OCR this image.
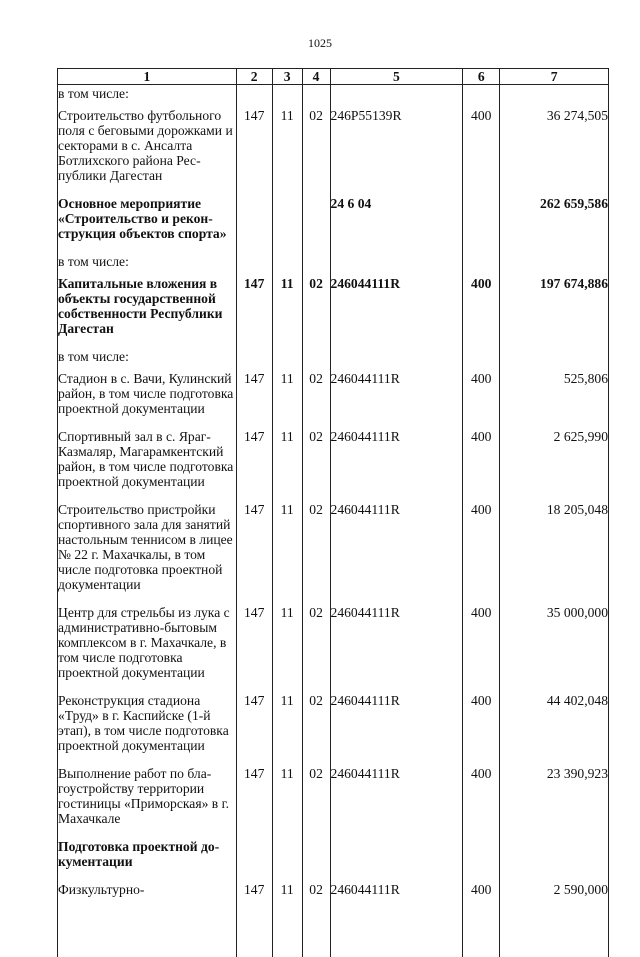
1025
1	2	3	4	5	6	7
в том числе:						
Строительство футбольного поля с беговыми дорожками и секторами в с. Ансалта Ботлихского района Республики Дагестан	147	11	02	246P55139R	400	36 274,505
Основное мероприятие «Строительство и реконструкция объектов спорта»				24 6 04		262 659,586
в том числе:						
Капитальные вложения в объекты государственной собственности Республики Дагестан	147	11	02	246044111R	400	197 674,886
в том числе:						
Стадион в с. Вачи, Кулинский район, в том числе подготовка проектной документации	147	11	02	246044111R	400	525,806
Спортивный зал в с. Яраг-Казмаляр, Магарамкентский район, в том числе подготовка проектной документации	147	11	02	246044111R	400	2 625,990
Строительство пристройки спортивного зала для занятий настольным теннисом в лицее № 22 г. Махачкалы, в том числе подготовка проектной документации	147	11	02	246044111R	400	18 205,048
Центр для стрельбы из лука с административно-бытовым комплексом в г. Махачкале, в том числе подготовка проектной документации	147	11	02	246044111R	400	35 000,000
Реконструкция стадиона «Труд» в г. Каспийске (1-й этап), в том числе подготовка проектной документации	147	11	02	246044111R	400	44 402,048
Выполнение работ по благоустройству территории гостиницы «Приморская» в г. Махачкале	147	11	02	246044111R	400	23 390,923
Подготовка проектной документации						
Физкультурно-	147	11	02	246044111R	400	2 590,000
